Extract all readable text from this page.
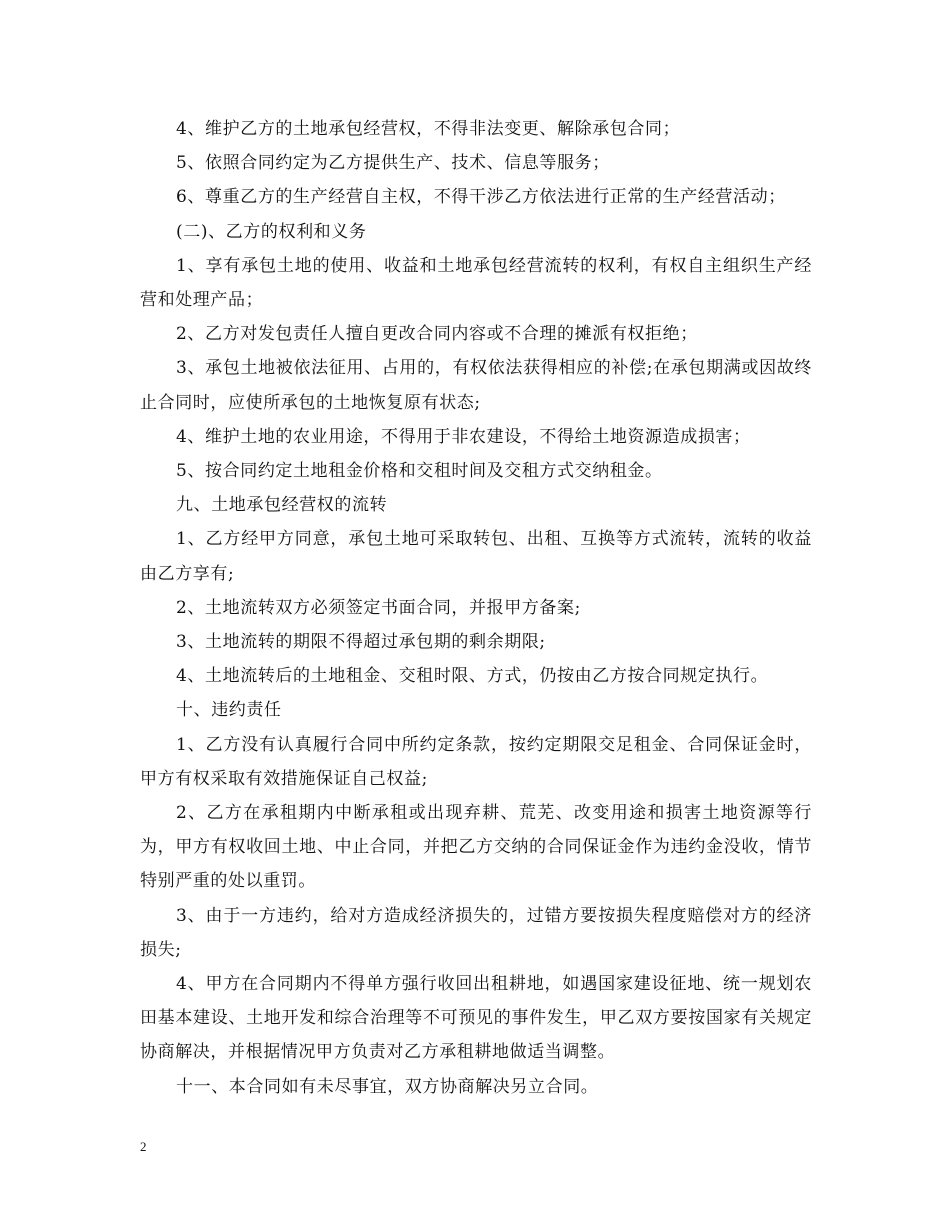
4、维护乙方的土地承包经营权，不得非法变更、解除承包合同；

5、依照合同约定为乙方提供生产、技术、信息等服务；

6、尊重乙方的生产经营自主权，不得干涉乙方依法进行正常的生产经营活动；

(二)、乙方的权利和义务

1、享有承包土地的使用、收益和土地承包经营流转的权利，有权自主组织生产经营和处理产品；

2、乙方对发包责任人擅自更改合同内容或不合理的摊派有权拒绝；

3、承包土地被依法征用、占用的，有权依法获得相应的补偿;在承包期满或因故终止合同时，应使所承包的土地恢复原有状态;

4、维护土地的农业用途，不得用于非农建设，不得给土地资源造成损害；

5、按合同约定土地租金价格和交租时间及交租方式交纳租金。

九、土地承包经营权的流转

1、乙方经甲方同意，承包土地可采取转包、出租、互换等方式流转，流转的收益由乙方享有;

2、土地流转双方必须签定书面合同，并报甲方备案;

3、土地流转的期限不得超过承包期的剩余期限;

4、土地流转后的土地租金、交租时限、方式，仍按由乙方按合同规定执行。

十、违约责任

1、乙方没有认真履行合同中所约定条款，按约定期限交足租金、合同保证金时，甲方有权采取有效措施保证自己权益;

2、乙方在承租期内中断承租或出现弃耕、荒芜、改变用途和损害土地资源等行为，甲方有权收回土地、中止合同，并把乙方交纳的合同保证金作为违约金没收，情节特别严重的处以重罚。

3、由于一方违约，给对方造成经济损失的，过错方要按损失程度赔偿对方的经济损失;

4、甲方在合同期内不得单方强行收回出租耕地，如遇国家建设征地、统一规划农田基本建设、土地开发和综合治理等不可预见的事件发生，甲乙双方要按国家有关规定协商解决，并根据情况甲方负责对乙方承租耕地做适当调整。

十一、本合同如有未尽事宜，双方协商解决另立合同。

2
